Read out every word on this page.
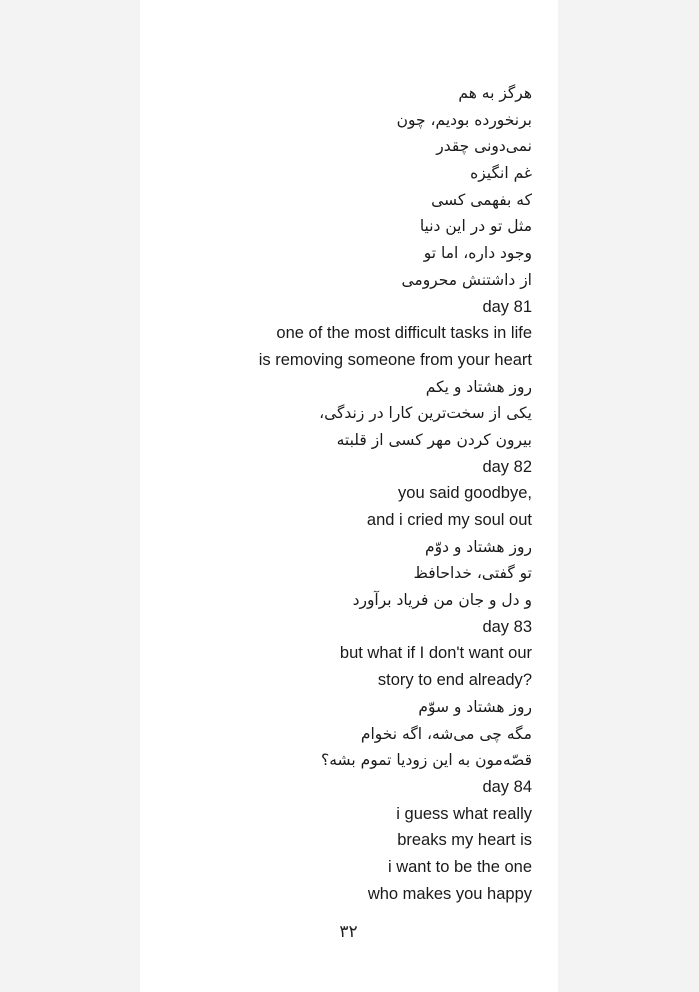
هرگز به هم
برنخورده بودیم، چون
نمی‌دونی چقدر
غم انگیزه
که بفهمی کسی
مثل تو در این دنیا
وجود داره، اما تو
از داشتنش محرومی
day 81
one of the most difficult tasks in life
is removing someone from your heart
روز هشتاد و یکم
یکی از سخت‌ترین کارا در زندگی،
بیرون کردن مهر کسی از قلبته
day 82
,you said goodbye
and i cried my soul out
روز هشتاد و دوّم
تو گفتی، خداحافظ
و دل و جان من فریاد برآورد
day 83
but what if I don't want our
?story to end already
روز هشتاد و سوّم
مگه چی می‌شه، اگه نخوام
قصّه‌مون به این زودیا تموم بشه؟
day 84
i guess what really
breaks my heart is
i want to be the one
who makes you happy
۳۲
